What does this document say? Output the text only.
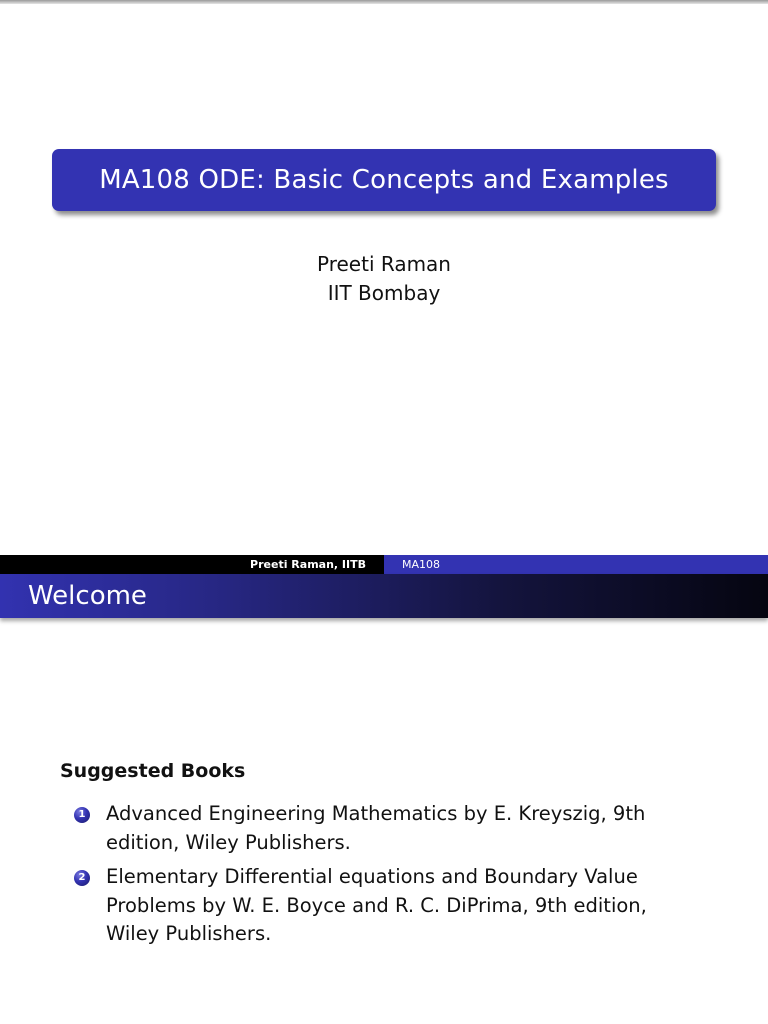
MA108 ODE: Basic Concepts and Examples
Preeti Raman
IIT Bombay
Preeti Raman, IITB	MA108
Welcome
Suggested Books
1 Advanced Engineering Mathematics by E. Kreyszig, 9th edition, Wiley Publishers.
2 Elementary Differential equations and Boundary Value Problems by W. E. Boyce and R. C. DiPrima, 9th edition, Wiley Publishers.
